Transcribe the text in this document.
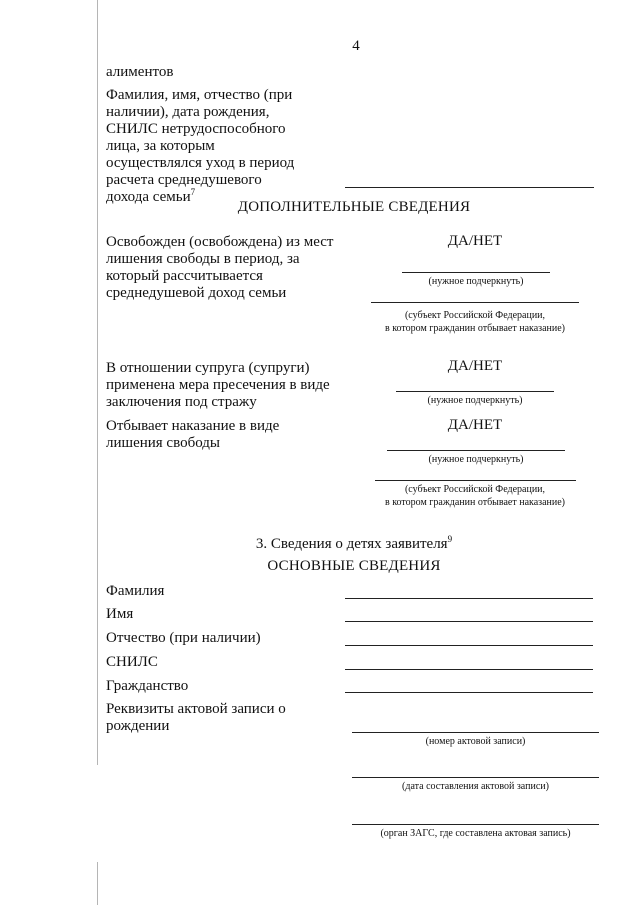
4
алиментов
Фамилия, имя, отчество (при наличии), дата рождения, СНИЛС нетрудоспособного лица, за которым осуществлялся уход в период расчета среднедушевого дохода семьи$^7$
ДОПОЛНИТЕЛЬНЫЕ СВЕДЕНИЯ
Освобожден (освобождена) из мест лишения свободы в период, за который рассчитывается среднедушевой доход семьи
ДА/НЕТ
(нужное подчеркнуть)
(субъект Российской Федерации,
в котором гражданин отбывает наказание)
В отношении супруга (супруги) применена мера пресечения в виде заключения под стражу
ДА/НЕТ
(нужное подчеркнуть)
Отбывает наказание в виде лишения свободы
ДА/НЕТ
(нужное подчеркнуть)
(субъект Российской Федерации,
в котором гражданин отбывает наказание)
3. Сведения о детях заявителя$^9$
ОСНОВНЫЕ СВЕДЕНИЯ
Фамилия
Имя
Отчество (при наличии)
СНИЛС
Гражданство
Реквизиты актовой записи о рождении
(номер актовой записи)
(дата составления актовой записи)
(орган ЗАГС, где составлена актовая запись)
